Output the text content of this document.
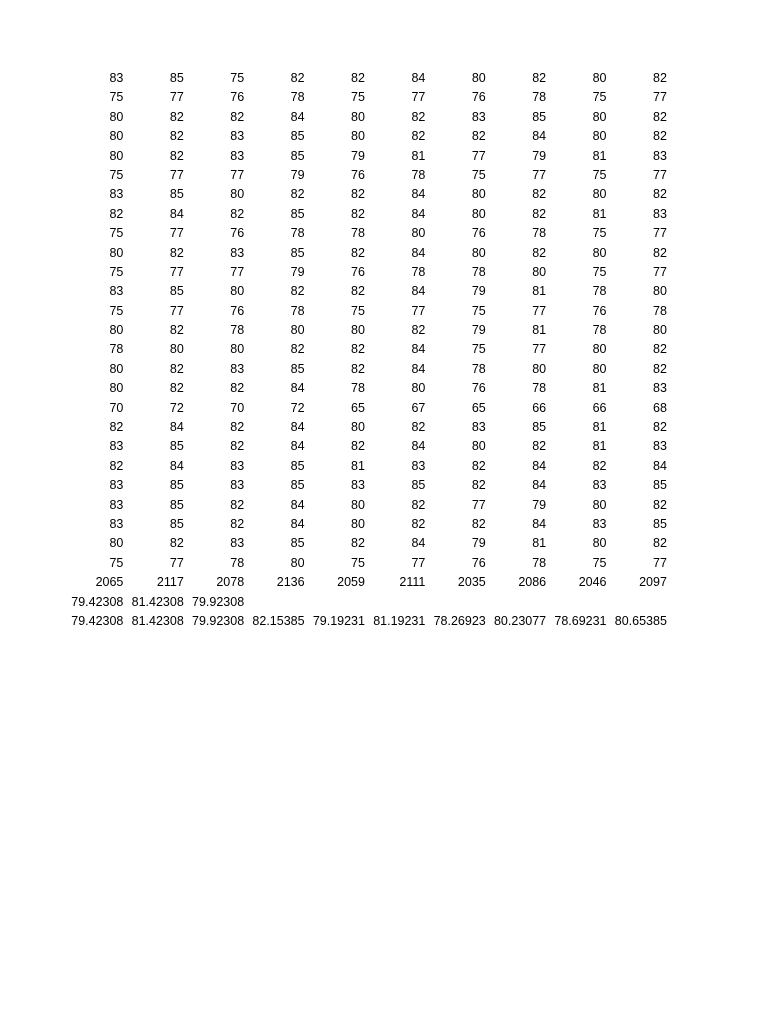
83	85	75	82	82	84	80	82	80	82
75	77	76	78	75	77	76	78	75	77
80	82	82	84	80	82	83	85	80	82
80	82	83	85	80	82	82	84	80	82
80	82	83	85	79	81	77	79	81	83
75	77	77	79	76	78	75	77	75	77
83	85	80	82	82	84	80	82	80	82
82	84	82	85	82	84	80	82	81	83
75	77	76	78	78	80	76	78	75	77
80	82	83	85	82	84	80	82	80	82
75	77	77	79	76	78	78	80	75	77
83	85	80	82	82	84	79	81	78	80
75	77	76	78	75	77	75	77	76	78
80	82	78	80	80	82	79	81	78	80
78	80	80	82	82	84	75	77	80	82
80	82	83	85	82	84	78	80	80	82
80	82	82	84	78	80	76	78	81	83
70	72	70	72	65	67	65	66	66	68
82	84	82	84	80	82	83	85	81	82
83	85	82	84	82	84	80	82	81	83
82	84	83	85	81	83	82	84	82	84
83	85	83	85	83	85	82	84	83	85
83	85	82	84	80	82	77	79	80	82
83	85	82	84	80	82	82	84	83	85
80	82	83	85	82	84	79	81	80	82
75	77	78	80	75	77	76	78	75	77
2065	2117	2078	2136	2059	2111	2035	2086	2046	2097
79.42308 81.42308 79.92308
79.42308 81.42308 79.92308 82.15385 79.19231 81.19231 78.26923 80.23077 78.69231 80.65385
